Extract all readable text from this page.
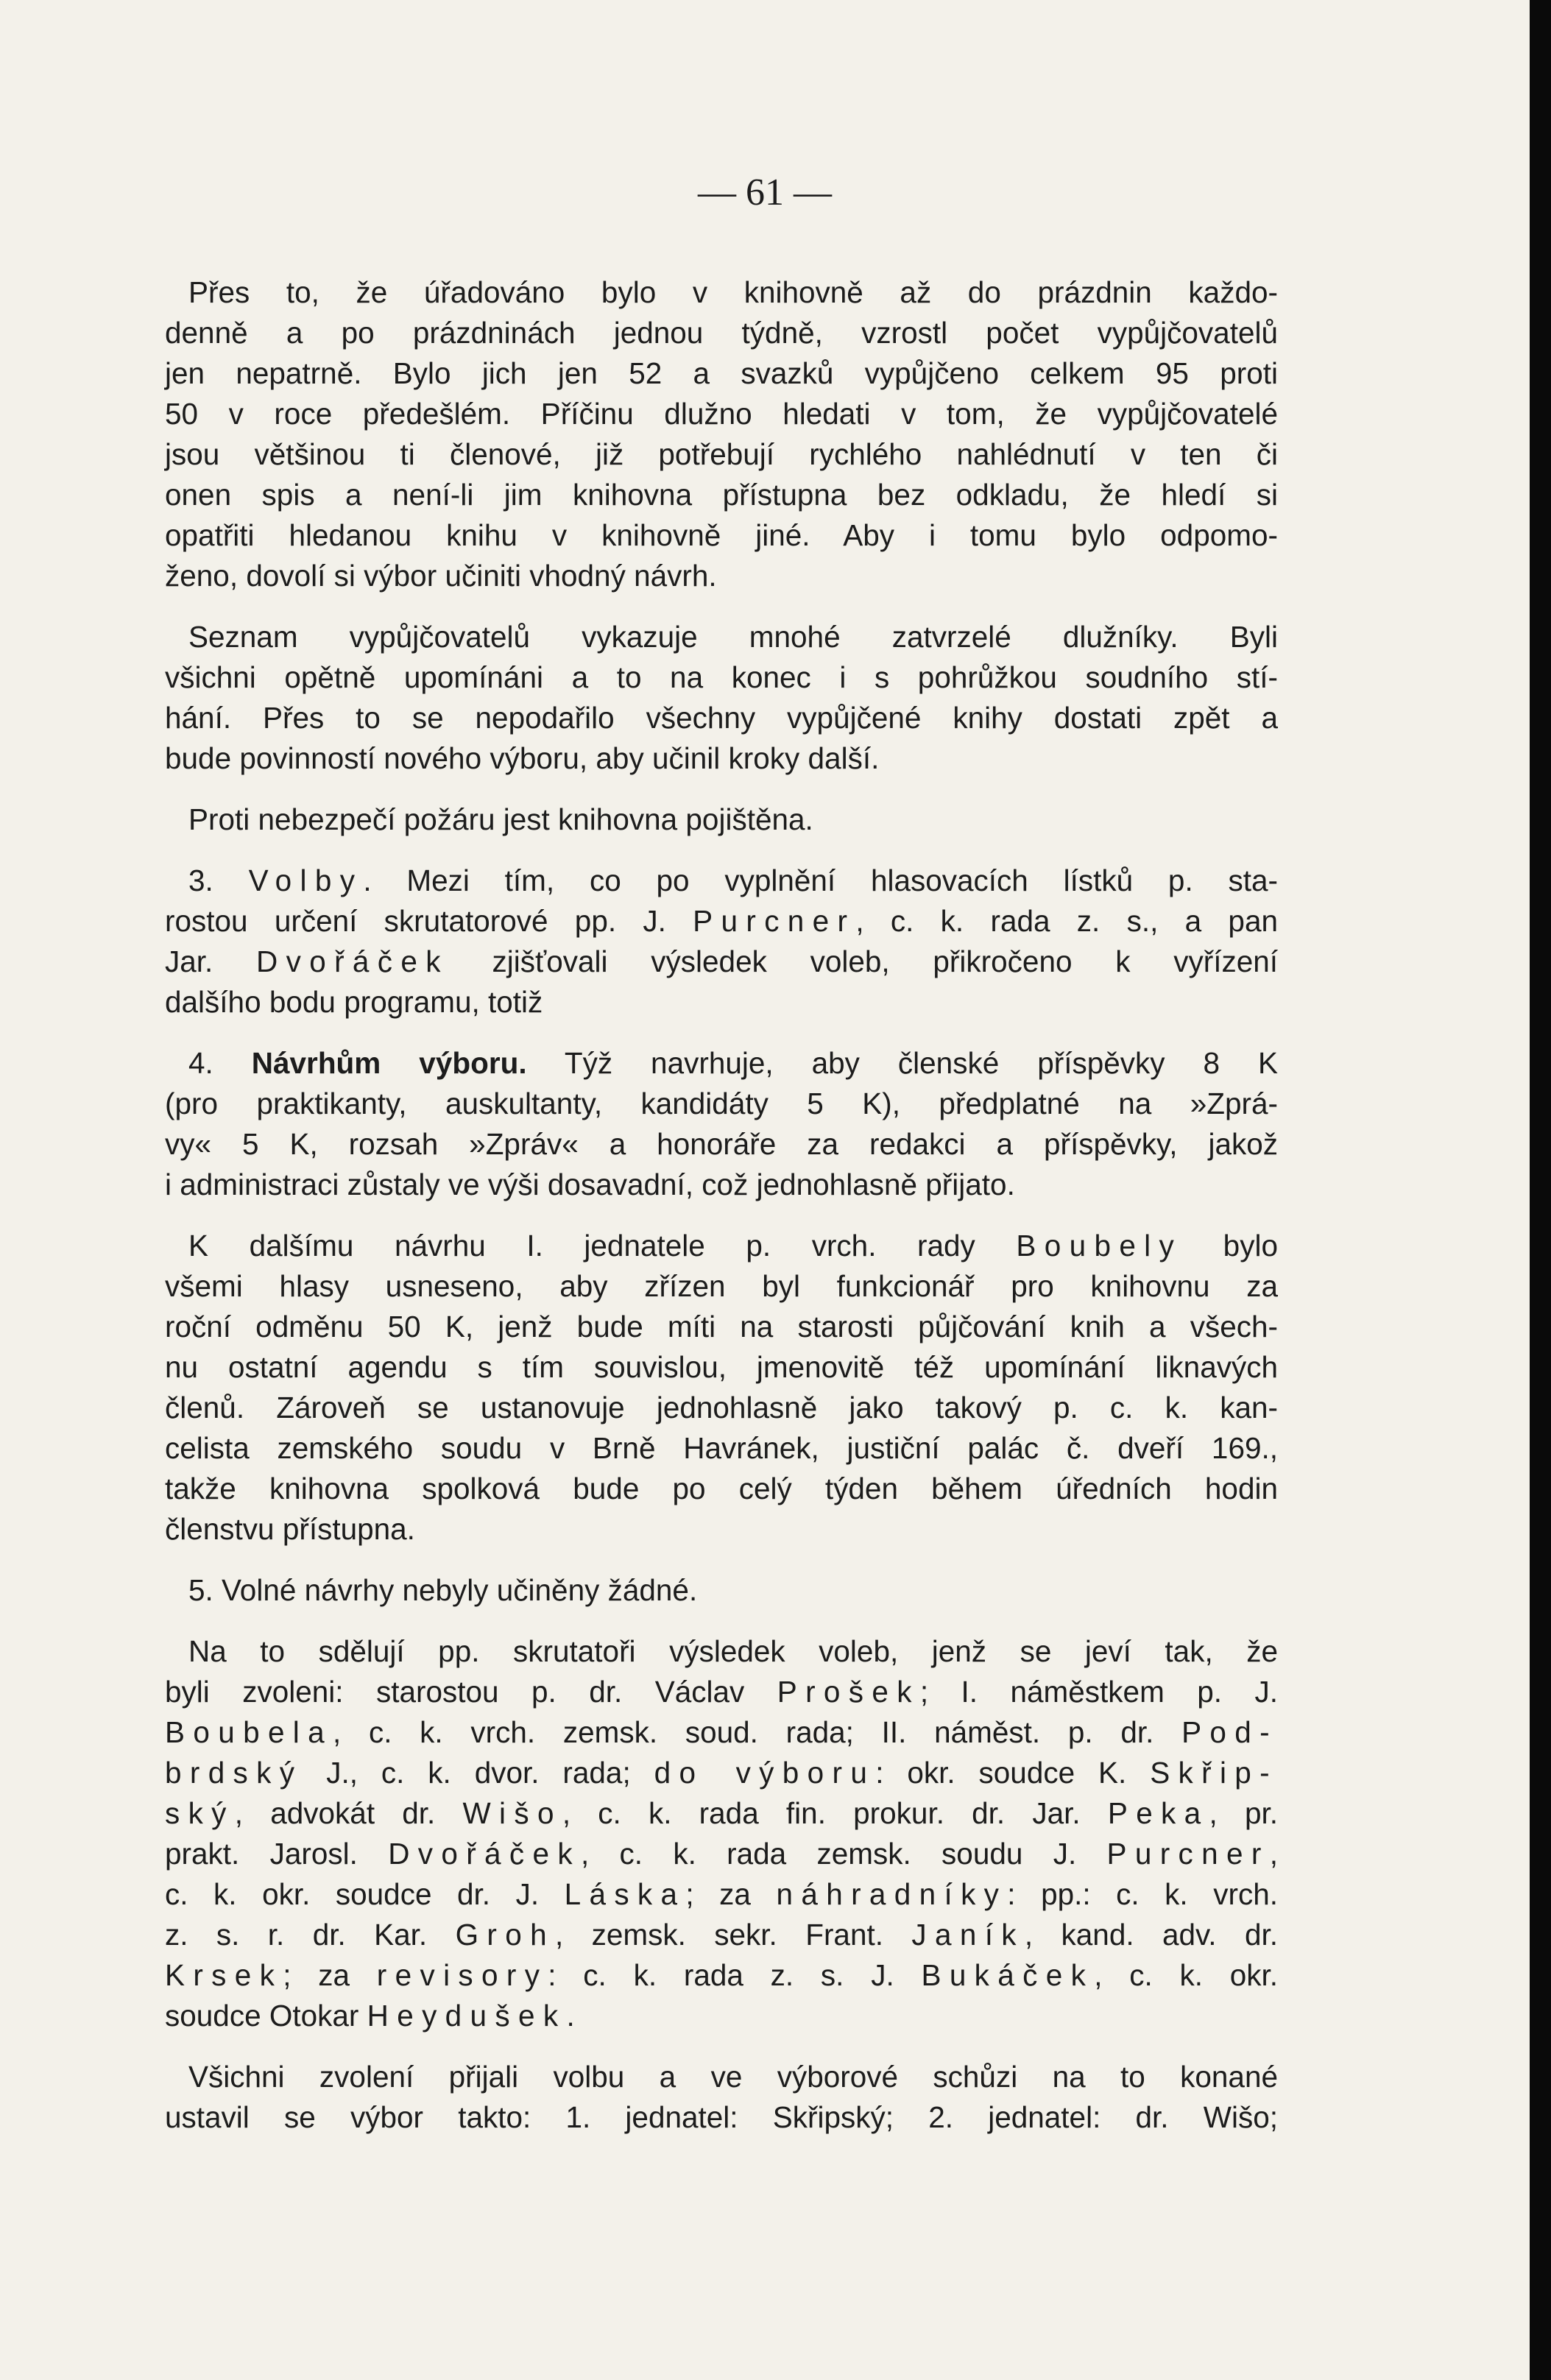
— 61 —

Přes to, že úřadováno bylo v knihovně až do prázdnin každo-
denně a po prázdninách jednou týdně, vzrostl počet vypůjčovatelů
jen nepatrně. Bylo jich jen 52 a svazků vypůjčeno celkem 95 proti
50 v roce předešlém. Příčinu dlužno hledati v tom, že vypůjčovatelé
jsou většinou ti členové, již potřebují rychlého nahlédnutí v ten či
onen spis a není-li jim knihovna přístupna bez odkladu, že hledí si
opatřiti hledanou knihu v knihovně jiné. Aby i tomu bylo odpomo-
ženo, dovolí si výbor učiniti vhodný návrh.

Seznam vypůjčovatelů vykazuje mnohé zatvrzelé dlužníky. Byli
všichni opětně upomínáni a to na konec i s pohrůžkou soudního stí-
hání. Přes to se nepodařilo všechny vypůjčené knihy dostati zpět a
bude povinností nového výboru, aby učinil kroky další.

Proti nebezpečí požáru jest knihovna pojištěna.

3. Volby. Mezi tím, co po vyplnění hlasovacích lístků p. sta-
rostou určení skrutatorové pp. J. Purcner, c. k. rada z. s., a pan
Jar. Dvořáček zjišťovali výsledek voleb, přikročeno k vyřízení
dalšího bodu programu, totiž

4. Návrhům výboru. Týž navrhuje, aby členské příspěvky 8 K
(pro praktikanty, auskultanty, kandidáty 5 K), předplatné na »Zprá-
vy« 5 K, rozsah »Zpráv« a honoráře za redakci a příspěvky, jakož
i administraci zůstaly ve výši dosavadní, což jednohlasně přijato.

K dalšímu návrhu I. jednatele p. vrch. rady Boubely bylo
všemi hlasy usneseno, aby zřízen byl funkcionář pro knihovnu za
roční odměnu 50 K, jenž bude míti na starosti půjčování knih a všech-
nu ostatní agendu s tím souvislou, jmenovitě též upomínání liknavých
členů. Zároveň se ustanovuje jednohlasně jako takový p. c. k. kan-
celista zemského soudu v Brně Havránek, justiční palác č. dveří 169.,
takže knihovna spolková bude po celý týden během úředních hodin
členstvu přístupna.

5. Volné návrhy nebyly učiněny žádné.

Na to sdělují pp. skrutatoři výsledek voleb, jenž se jeví tak, že
byli zvoleni: starostou p. dr. Václav Prošek; I. náměstkem p. J.
Boubela, c. k. vrch. zemsk. soud. rada; II. náměst. p. dr. Pod-
brdský J., c. k. dvor. rada; do výboru: okr. soudce K. Skřip-
ský, advokát dr. Wišo, c. k. rada fin. prokur. dr. Jar. Peka, pr.
prakt. Jarosl. Dvořáček, c. k. rada zemsk. soudu J. Purcner,
c. k. okr. soudce dr. J. Láska; za náhradníky: pp.: c. k. vrch.
z. s. r. dr. Kar. Groh, zemsk. sekr. Frant. Janík, kand. adv. dr.
Krsek; za revisory: c. k. rada z. s. J. Bukáček, c. k. okr.
soudce Otokar Heydušek.

Všichni zvolení přijali volbu a ve výborové schůzi na to konané
ustavil se výbor takto: 1. jednatel: Skřipský; 2. jednatel: dr. Wišo;
